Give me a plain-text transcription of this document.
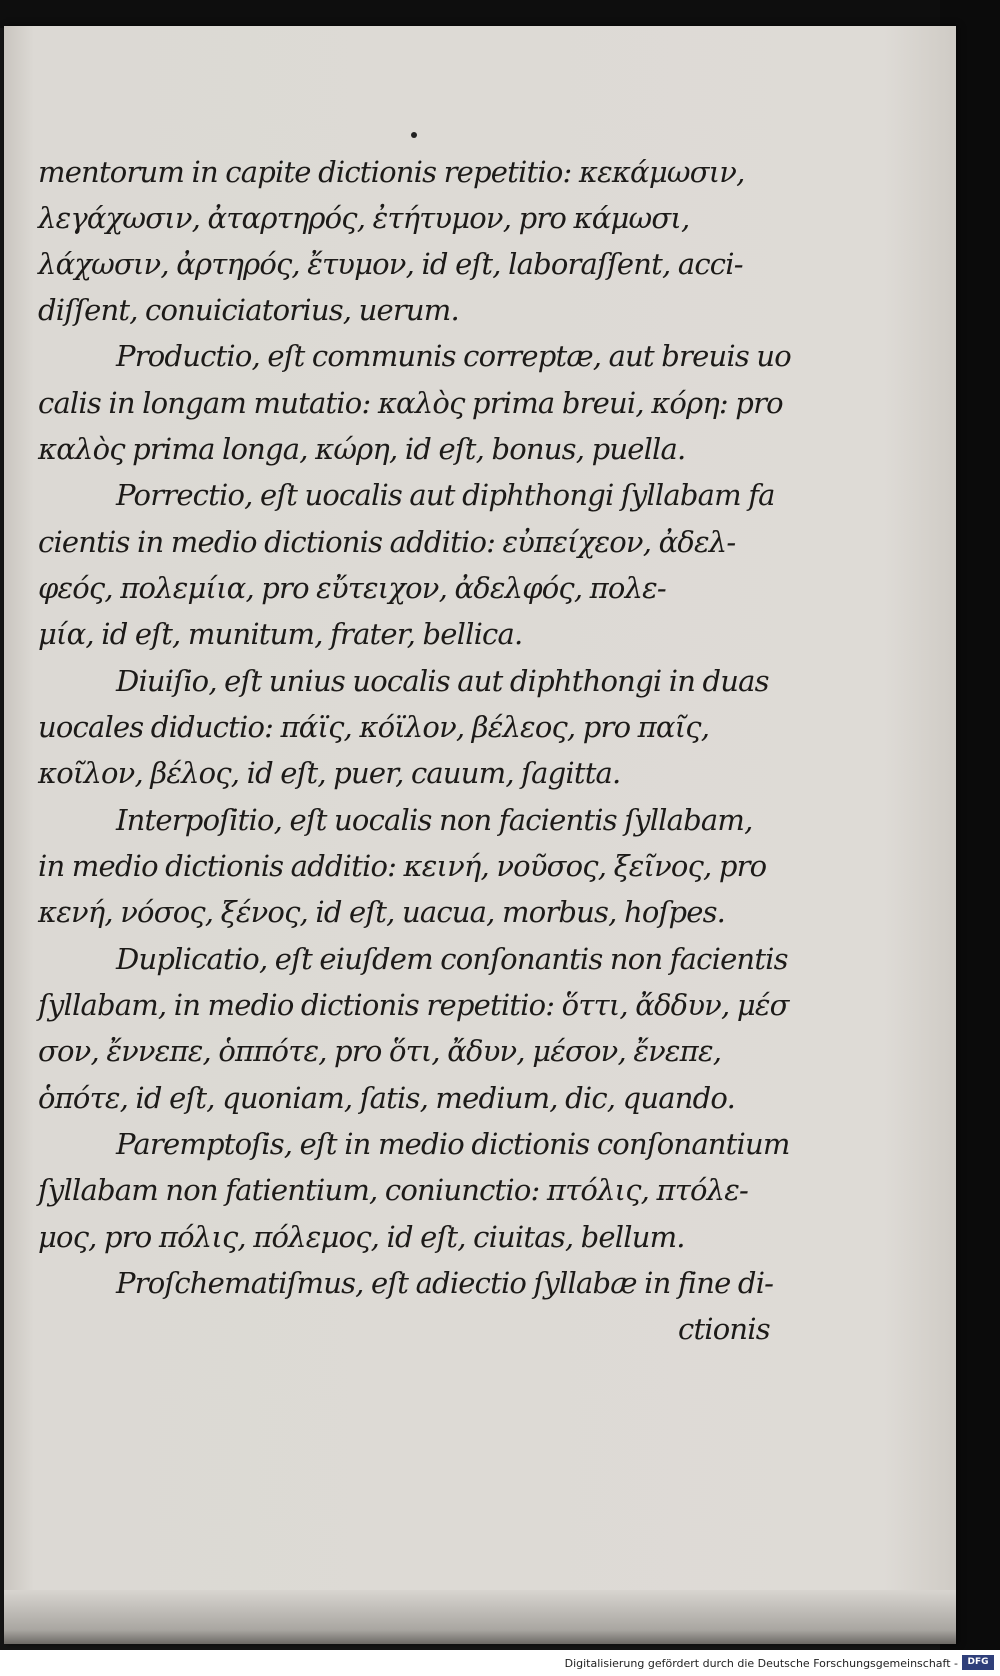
mentorum in capite dictionis repetitio: κεκάμωσιν,
λεγάχωσιν, ἀταρτηρός, ἐτήτυμον, pro κάμωσι,
λάχωσιν, ἀρτηρός, ἔτυμον, id eſt, laboraſſent, acci-
diſſent, conuiciatorius, uerum.
Productio, eſt communis correptæ, aut breuis uo
calis in longam mutatio: καλὸς prima breui, κόρη: pro
καλὸς prima longa, κώρη, id eſt, bonus, puella.
Porrectio, eſt uocalis aut diphthongi ſyllabam fa
cientis in medio dictionis additio: εὐπείχεον, ἀδελ-
φεός, πολεμίια, pro εὔτειχον, ἀδελφός, πολε-
μία, id eſt, munitum, frater, bellica.
Diuiſio, eſt unius uocalis aut diphthongi in duas
uocales diductio: πάϊς, κόϊλον, βέλεος, pro παῖς,
κοῖλον, βέλος, id eſt, puer, cauum, ſagitta.
Interpoſitio, eſt uocalis non facientis ſyllabam,
in medio dictionis additio: κεινή, νοῦσος, ξεῖνος, pro
κενή, νόσος, ξένος, id eſt, uacua, morbus, hoſpes.
Duplicatio, eſt eiuſdem conſonantis non facientis
ſyllabam, in medio dictionis repetitio: ὅττι, ἄδδυν, μέσ
σον, ἔννεπε, ὁππότε, pro ὅτι, ἄδυν, μέσον, ἔνεπε,
ὁπότε, id eſt, quoniam, ſatis, medium, dic, quando.
Paremptoſis, eſt in medio dictionis conſonantium
ſyllabam non fatientium, coniunctio: πτόλις, πτόλε-
μος, pro πόλις, πόλεμος, id eſt, ciuitas, bellum.
Proſchematiſmus, eſt adiectio ſyllabæ in fine di-
ctionis
Digitalisierung gefördert durch die Deutsche Forschungsgemeinschaft -	DFG
